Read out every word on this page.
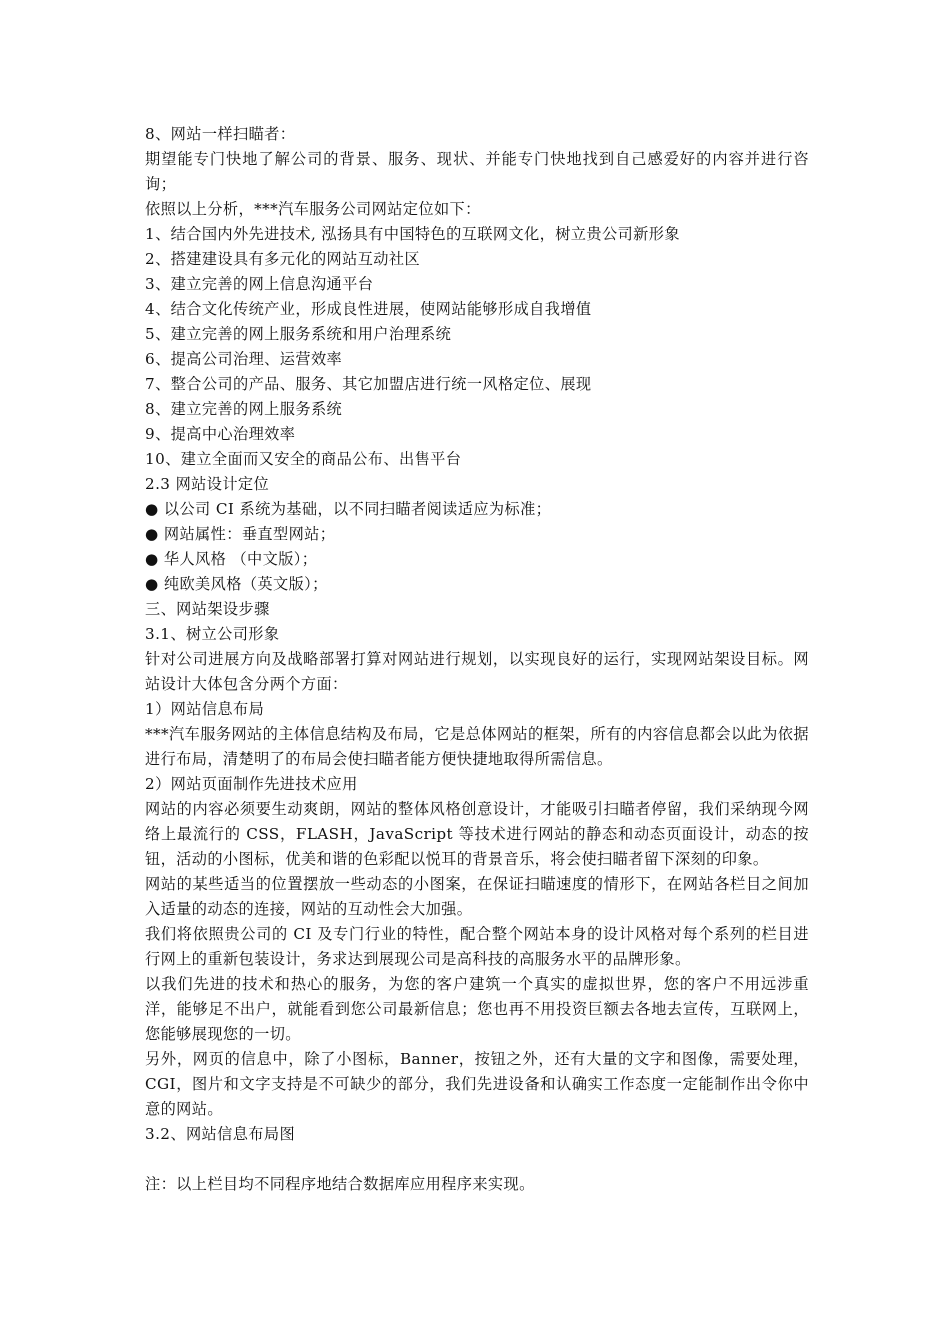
8、网站一样扫瞄者：

期望能专门快地了解公司的背景、服务、现状、并能专门快地找到自己感爱好的内容并进行咨询；

依照以上分析，***汽车服务公司网站定位如下：

1、结合国内外先进技术, 泓扬具有中国特色的互联网文化，树立贵公司新形象

2、搭建建设具有多元化的网站互动社区

3、建立完善的网上信息沟通平台

4、结合文化传统产业，形成良性进展，使网站能够形成自我增值

5、建立完善的网上服务系统和用户治理系统

6、提高公司治理、运营效率

7、整合公司的产品、服务、其它加盟店进行统一风格定位、展现

8、建立完善的网上服务系统

9、提高中心治理效率

10、建立全面而又安全的商品公布、出售平台

2.3 网站设计定位

● 以公司 CI 系统为基础，以不同扫瞄者阅读适应为标准；

● 网站属性：垂直型网站；

● 华人风格 （中文版）；

● 纯欧美风格（英文版）；

三、网站架设步骤

3.1、树立公司形象

针对公司进展方向及战略部署打算对网站进行规划，以实现良好的运行，实现网站架设目标。网站设计大体包含分两个方面：

1）网站信息布局

***汽车服务网站的主体信息结构及布局，它是总体网站的框架，所有的内容信息都会以此为依据进行布局，清楚明了的布局会使扫瞄者能方便快捷地取得所需信息。

2）网站页面制作先进技术应用

网站的内容必须要生动爽朗，网站的整体风格创意设计，才能吸引扫瞄者停留，我们采纳现今网络上最流行的 CSS，FLASH，JavaScript 等技术进行网站的静态和动态页面设计，动态的按钮，活动的小图标，优美和谐的色彩配以悦耳的背景音乐，将会使扫瞄者留下深刻的印象。

网站的某些适当的位置摆放一些动态的小图案，在保证扫瞄速度的情形下，在网站各栏目之间加入适量的动态的连接，网站的互动性会大加强。

我们将依照贵公司的 CI 及专门行业的特性，配合整个网站本身的设计风格对每个系列的栏目进行网上的重新包装设计，务求达到展现公司是高科技的高服务水平的品牌形象。

以我们先进的技术和热心的服务，为您的客户建筑一个真实的虚拟世界，您的客户不用远涉重洋，能够足不出户，就能看到您公司最新信息；您也再不用投资巨额去各地去宣传，互联网上，您能够展现您的一切。

另外，网页的信息中，除了小图标，Banner，按钮之外，还有大量的文字和图像，需要处理，CGI，图片和文字支持是不可缺少的部分，我们先进设备和认确实工作态度一定能制作出令你中意的网站。

3.2、网站信息布局图

注：以上栏目均不同程序地结合数据库应用程序来实现。
